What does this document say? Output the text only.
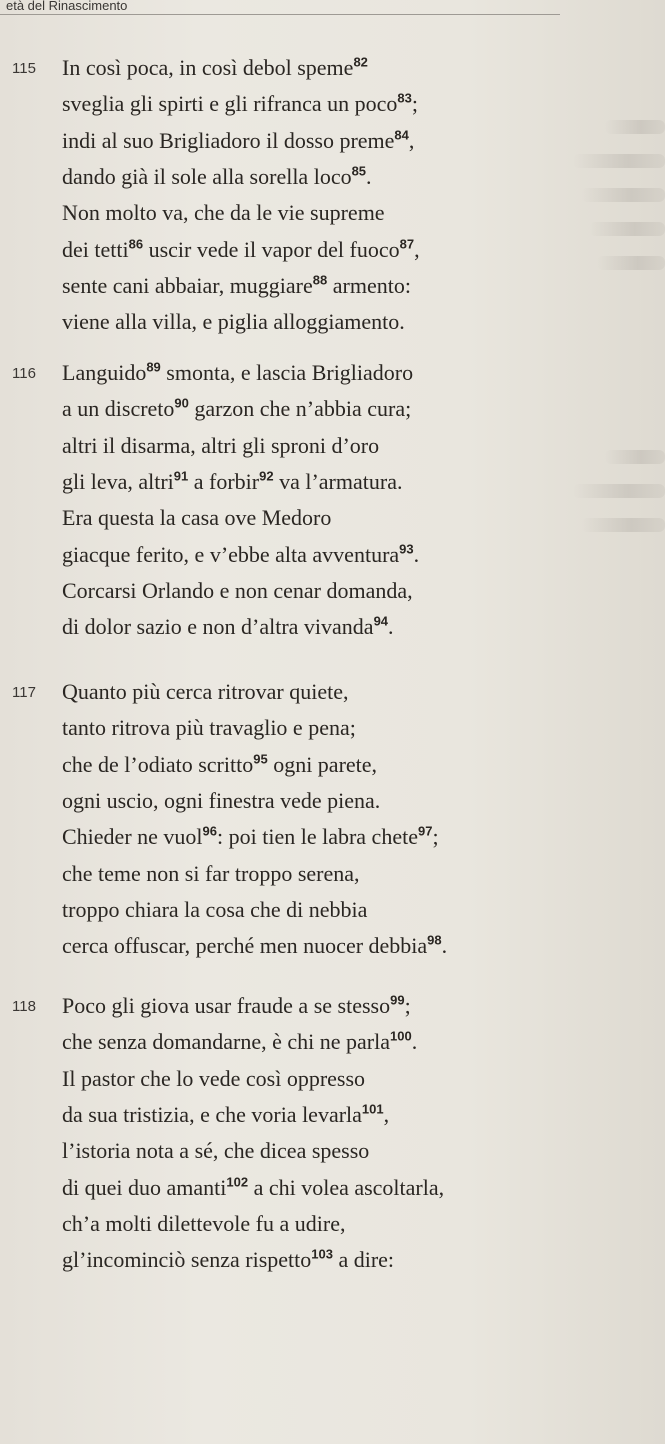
età del Rinascimento
115 In così poca, in così debol speme$^{82}$
sveglia gli spirti e gli rifranca un poco$^{83}$;
indi al suo Brigliadoro il dosso preme$^{84}$,
dando già il sole alla sorella loco$^{85}$.
Non molto va, che da le vie supreme
dei tetti$^{86}$ uscir vede il vapor del fuoco$^{87}$,
sente cani abbaiar, muggiare$^{88}$ armento:
viene alla villa, e piglia alloggiamento.
116 Languido$^{89}$ smonta, e lascia Brigliadoro
a un discreto$^{90}$ garzon che n’abbia cura;
altri il disarma, altri gli sproni d’oro
gli leva, altri$^{91}$ a forbir$^{92}$ va l’armatura.
Era questa la casa ove Medoro
giacque ferito, e v’ebbe alta avventura$^{93}$.
Corcarsi Orlando e non cenar domanda,
di dolor sazio e non d’altra vivanda$^{94}$.
117 Quanto più cerca ritrovar quiete,
tanto ritrova più travaglio e pena;
che de l’odiato scritto$^{95}$ ogni parete,
ogni uscio, ogni finestra vede piena.
Chieder ne vuol$^{96}$: poi tien le labra chete$^{97}$;
che teme non si far troppo serena,
troppo chiara la cosa che di nebbia
cerca offuscar, perché men nuocer debbia$^{98}$.
118 Poco gli giova usar fraude a se stesso$^{99}$;
che senza domandarne, è chi ne parla$^{100}$.
Il pastor che lo vede così oppresso
da sua tristizia, e che voria levarla$^{101}$,
l’istoria nota a sé, che dicea spesso
di quei duo amanti$^{102}$ a chi volea ascoltarla,
ch’a molti dilettevole fu a udire,
gl’incominciò senza rispetto$^{103}$ a dire:
